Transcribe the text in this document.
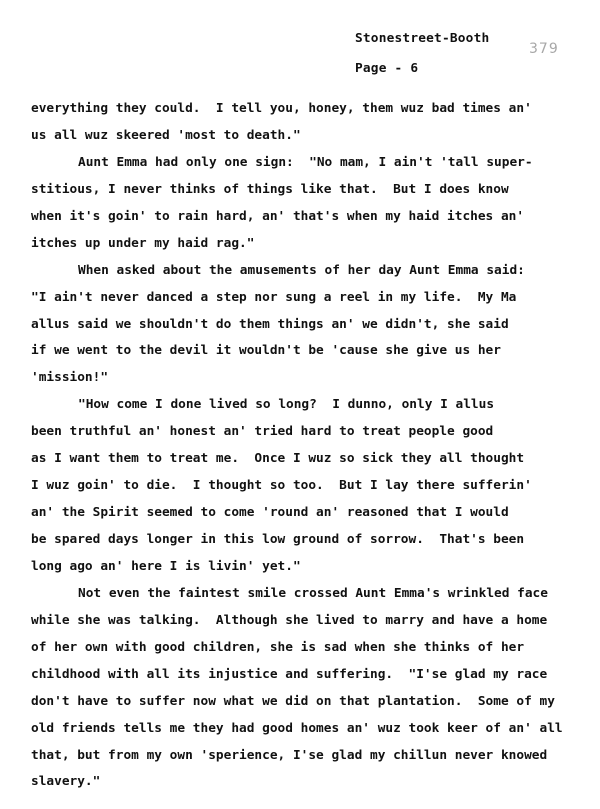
Stonestreet-Booth
Page - 6
379
everything they could.  I tell you, honey, them wuz bad times an'
us all wuz skeered 'most to death."
Aunt Emma had only one sign:  "No mam, I ain't 'tall super-
stitious, I never thinks of things like that.  But I does know
when it's goin' to rain hard, an' that's when my haid itches an'
itches up under my haid rag."
When asked about the amusements of her day Aunt Emma said:
"I ain't never danced a step nor sung a reel in my life.  My Ma
allus said we shouldn't do them things an' we didn't, she said
if we went to the devil it wouldn't be 'cause she give us her
'mission!"
"How come I done lived so long?  I dunno, only I allus
been truthful an' honest an' tried hard to treat people good
as I want them to treat me.  Once I wuz so sick they all thought
I wuz goin' to die.  I thought so too.  But I lay there sufferin'
an' the Spirit seemed to come 'round an' reasoned that I would
be spared days longer in this low ground of sorrow.  That's been
long ago an' here I is livin' yet."
Not even the faintest smile crossed Aunt Emma's wrinkled face
while she was talking.  Although she lived to marry and have a home
of her own with good children, she is sad when she thinks of her
childhood with all its injustice and suffering.  "I'se glad my race
don't have to suffer now what we did on that plantation.  Some of my
old friends tells me they had good homes an' wuz took keer of an' all
that, but from my own 'sperience, I'se glad my chillun never knowed
slavery."
